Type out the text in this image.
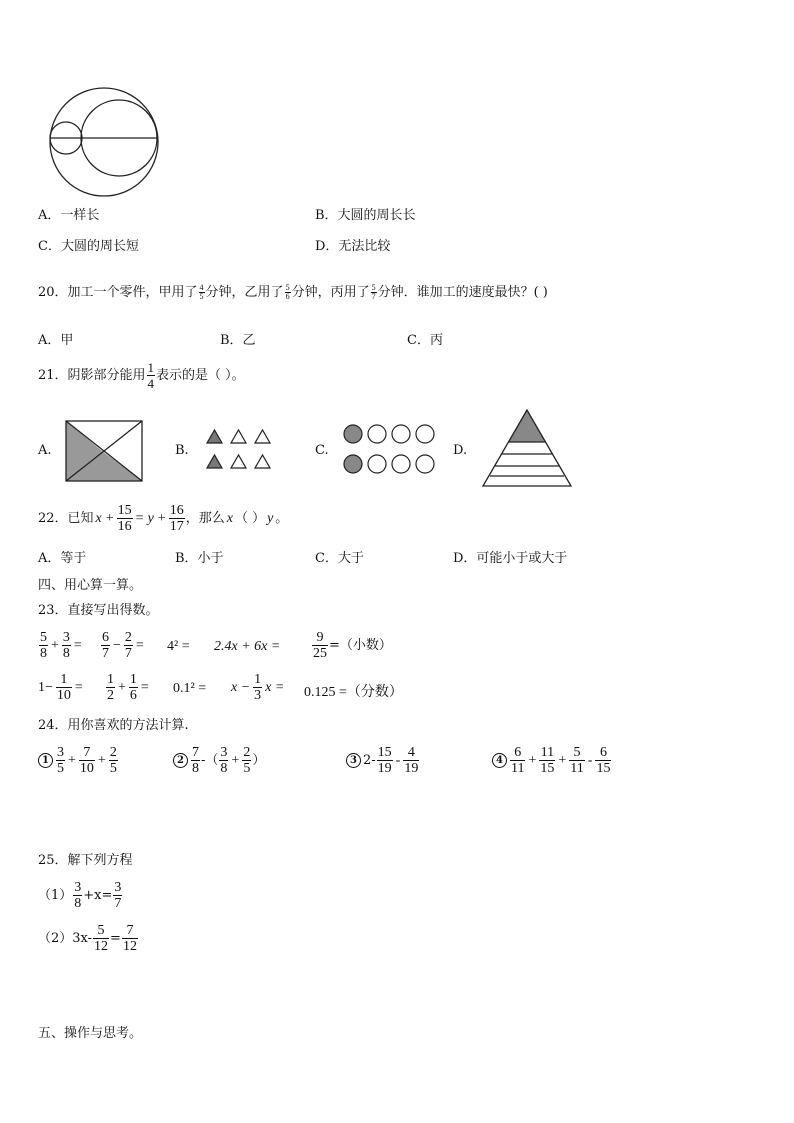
A．一样长	B．大圆的周长长
C．大圆的周长短	D．无法比较
20．加工一个零件，甲用了 $\frac{4}{5}$ 分钟，乙用了 $\frac{5}{6}$ 分钟，丙用了 $\frac{5}{7}$ 分钟．谁加工的速度最快？( )
A．甲	B．乙	C．丙
21．阴影部分能用 $\frac{1}{4}$ 表示的是（ ）。
A.	B.	C.	D.
22．已知 $x + \frac{15}{16} = y + \frac{16}{17}$ ，那么 x （ ） y 。
A．等于	B．小于	C．大于	D．可能小于或大于
四、用心算一算。
23．直接写出得数。
$\frac{5}{8} + \frac{3}{8} = \frac{6}{7} - \frac{2}{7} = 4^2 = 2.4x + 6x = \frac{9}{25}$ =（小数）
$1- \frac{1}{10} = \frac{1}{2} + \frac{1}{6} = 0.1^2 = x - \frac{1}{3}$ x = 0.125 =（分数）
24．用你喜欢的方法计算.
$1 \frac{3}{5} + \frac{7}{10} + \frac{2}{5}$	$2 \frac{7}{8}$ -（ $\frac{3}{8} + \frac{2}{5}$ ）	3 $2- \frac{15}{19} - \frac{4}{19}$	$4 \frac{6}{11} + \frac{11}{15} + \frac{5}{11} - \frac{6}{15}$
25．解下列方程
$(1) \frac{3}{8} +x= \frac{3}{7}$
$(2)3x- \frac{5}{12} = \frac{7}{12}$
五、操作与思考。
